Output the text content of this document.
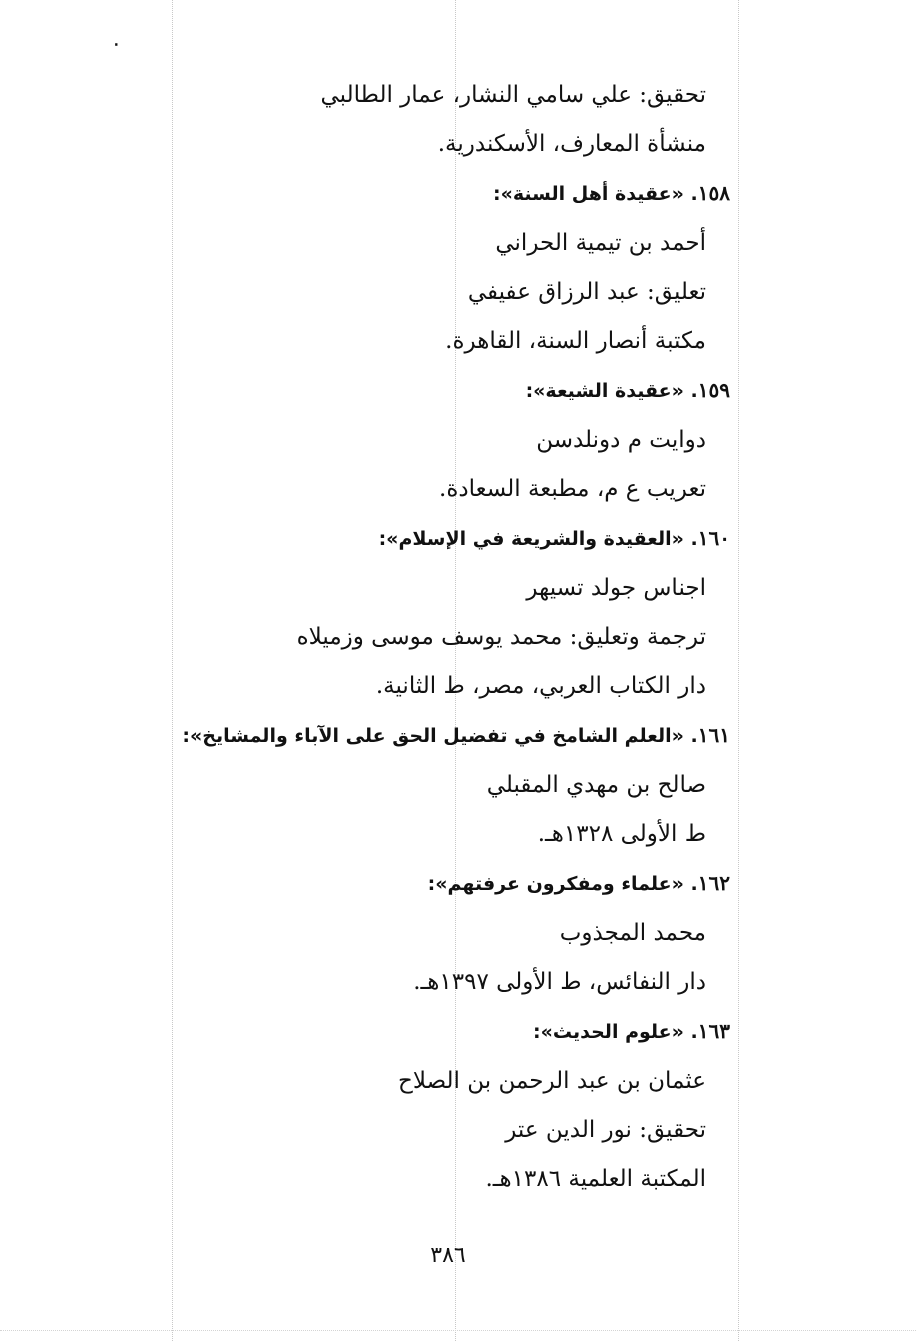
٠
تحقيق: علي سامي النشار، عمار الطالبي
منشأة المعارف، الأسكندرية.
١٥٨. «عقيدة أهل السنة»:
أحمد بن تيمية الحراني
تعليق: عبد الرزاق عفيفي
مكتبة أنصار السنة، القاهرة.
١٥٩. «عقيدة الشيعة»:
دوايت م دونلدسن
تعريب ع م، مطبعة السعادة.
١٦٠. «العقيدة والشريعة في الإسلام»:
اجناس جولد تسيهر
ترجمة وتعليق: محمد يوسف موسى وزميلاه
دار الكتاب العربي، مصر، ط الثانية.
١٦١. «العلم الشامخ في تفضيل الحق على الآباء والمشايخ»:
صالح بن مهدي المقبلي
ط الأولى ١٣٢٨هـ.
١٦٢. «علماء ومفكرون عرفتهم»:
محمد المجذوب
دار النفائس، ط الأولى ١٣٩٧هـ.
١٦٣. «علوم الحديث»:
عثمان بن عبد الرحمن بن الصلاح
تحقيق: نور الدين عتر
المكتبة العلمية ١٣٨٦هـ.
٣٨٦
